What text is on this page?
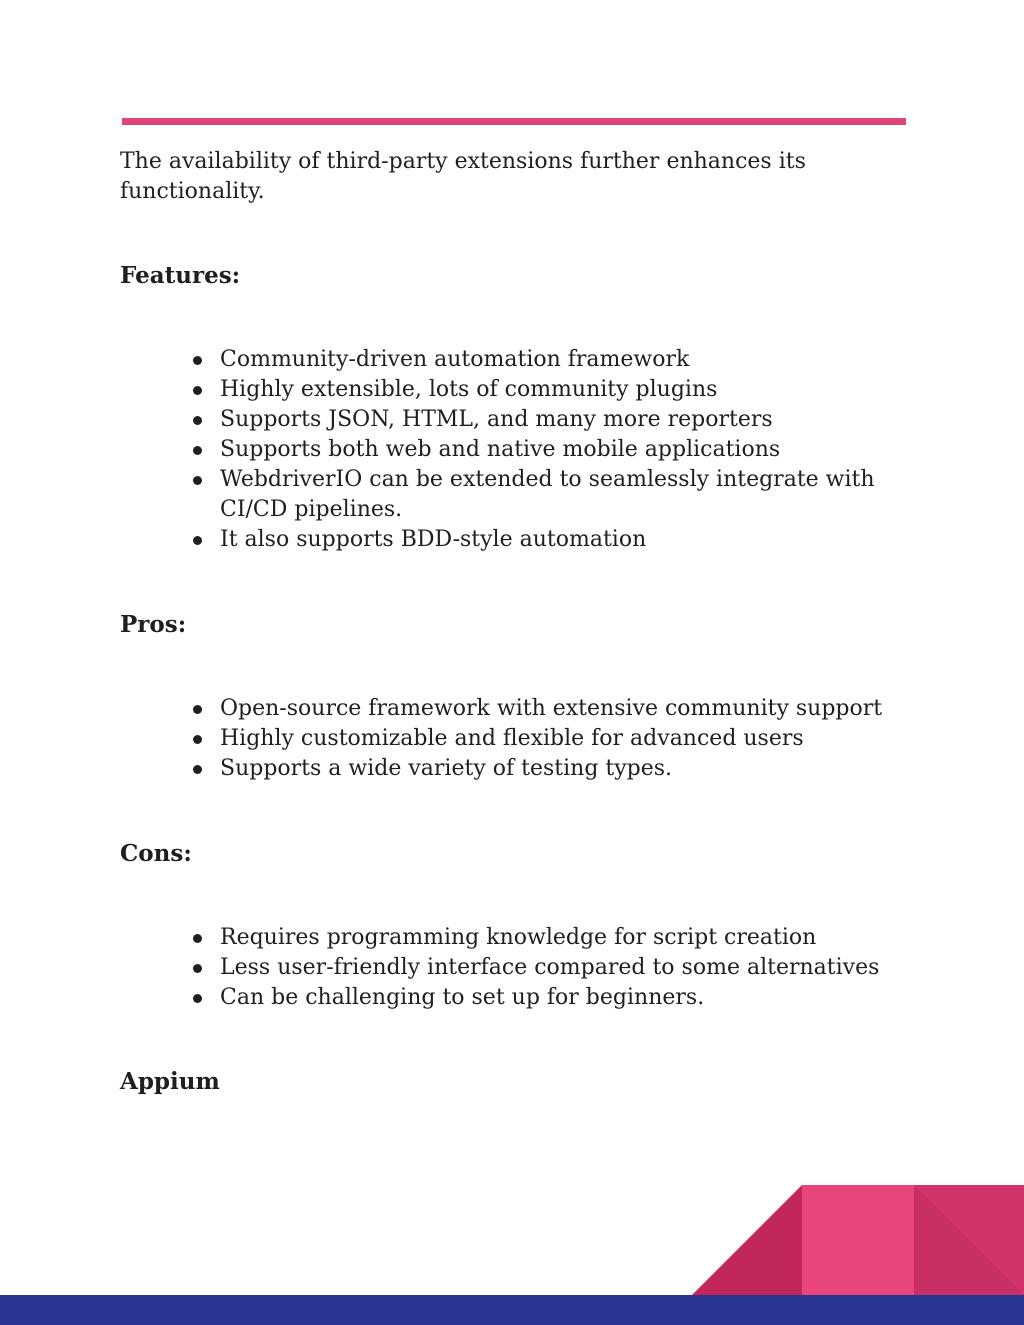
The availability of third-party extensions further enhances its functionality.

Features:
Community-driven automation framework
Highly extensible, lots of community plugins
Supports JSON, HTML, and many more reporters
Supports both web and native mobile applications
WebdriverIO can be extended to seamlessly integrate with CI/CD pipelines.
It also supports BDD-style automation
Pros:
Open-source framework with extensive community support
Highly customizable and flexible for advanced users
Supports a wide variety of testing types.
Cons:
Requires programming knowledge for script creation
Less user-friendly interface compared to some alternatives
Can be challenging to set up for beginners.
Appium
